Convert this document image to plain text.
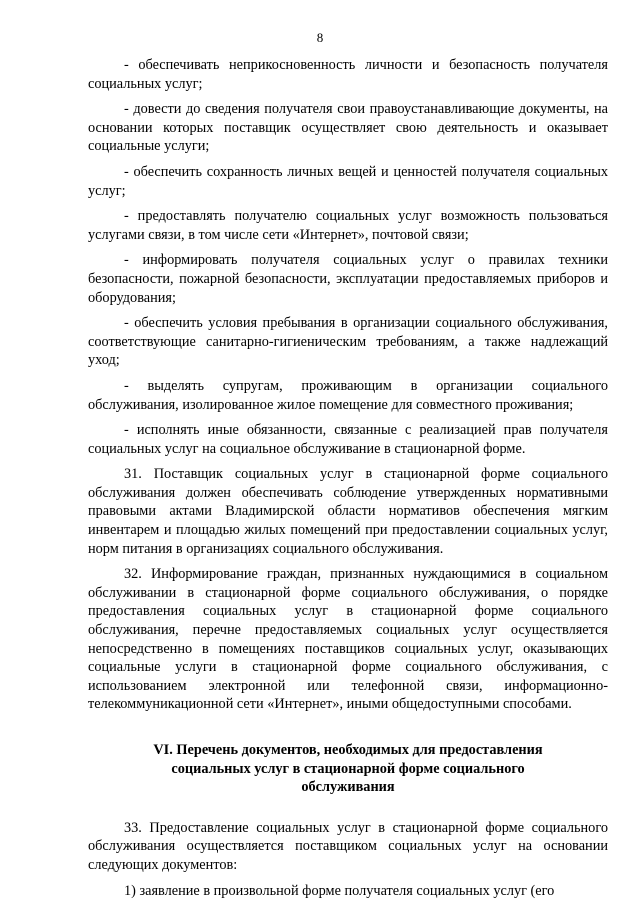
8

- обеспечивать неприкосновенность личности и безопасность получателя социальных услуг;

- довести до сведения получателя свои правоустанавливающие документы, на основании которых поставщик осуществляет свою деятельность и оказывает социальные услуги;

- обеспечить сохранность личных вещей и ценностей получателя социальных услуг;

- предоставлять получателю социальных услуг возможность пользоваться услугами связи, в том числе сети «Интернет», почтовой связи;

- информировать получателя социальных услуг о правилах техники безопасности, пожарной безопасности, эксплуатации предоставляемых приборов и оборудования;

- обеспечить условия пребывания в организации социального обслуживания, соответствующие санитарно-гигиеническим требованиям, а также надлежащий уход;

- выделять супругам, проживающим в организации социального обслуживания, изолированное жилое помещение для совместного проживания;

- исполнять иные обязанности, связанные с реализацией прав получателя социальных услуг на социальное обслуживание в стационарной форме.

31. Поставщик социальных услуг в стационарной форме социального обслуживания должен обеспечивать соблюдение утвержденных нормативными правовыми актами Владимирской области нормативов обеспечения мягким инвентарем и площадью жилых помещений при предоставлении социальных услуг, норм питания в организациях социального обслуживания.

32. Информирование граждан, признанных нуждающимися в социальном обслуживании в стационарной форме социального обслуживания, о порядке предоставления социальных услуг в стационарной форме социального обслуживания, перечне предоставляемых социальных услуг осуществляется непосредственно в помещениях поставщиков социальных услуг, оказывающих социальные услуги в стационарной форме социального обслуживания, с использованием электронной или телефонной связи, информационно-телекоммуникационной сети «Интернет», иными общедоступными способами.

VI. Перечень документов, необходимых для предоставления
социальных услуг в стационарной форме социального
обслуживания

33. Предоставление социальных услуг в стационарной форме социального обслуживания осуществляется поставщиком социальных услуг на основании следующих документов:

1) заявление в произвольной форме получателя социальных услуг (его
